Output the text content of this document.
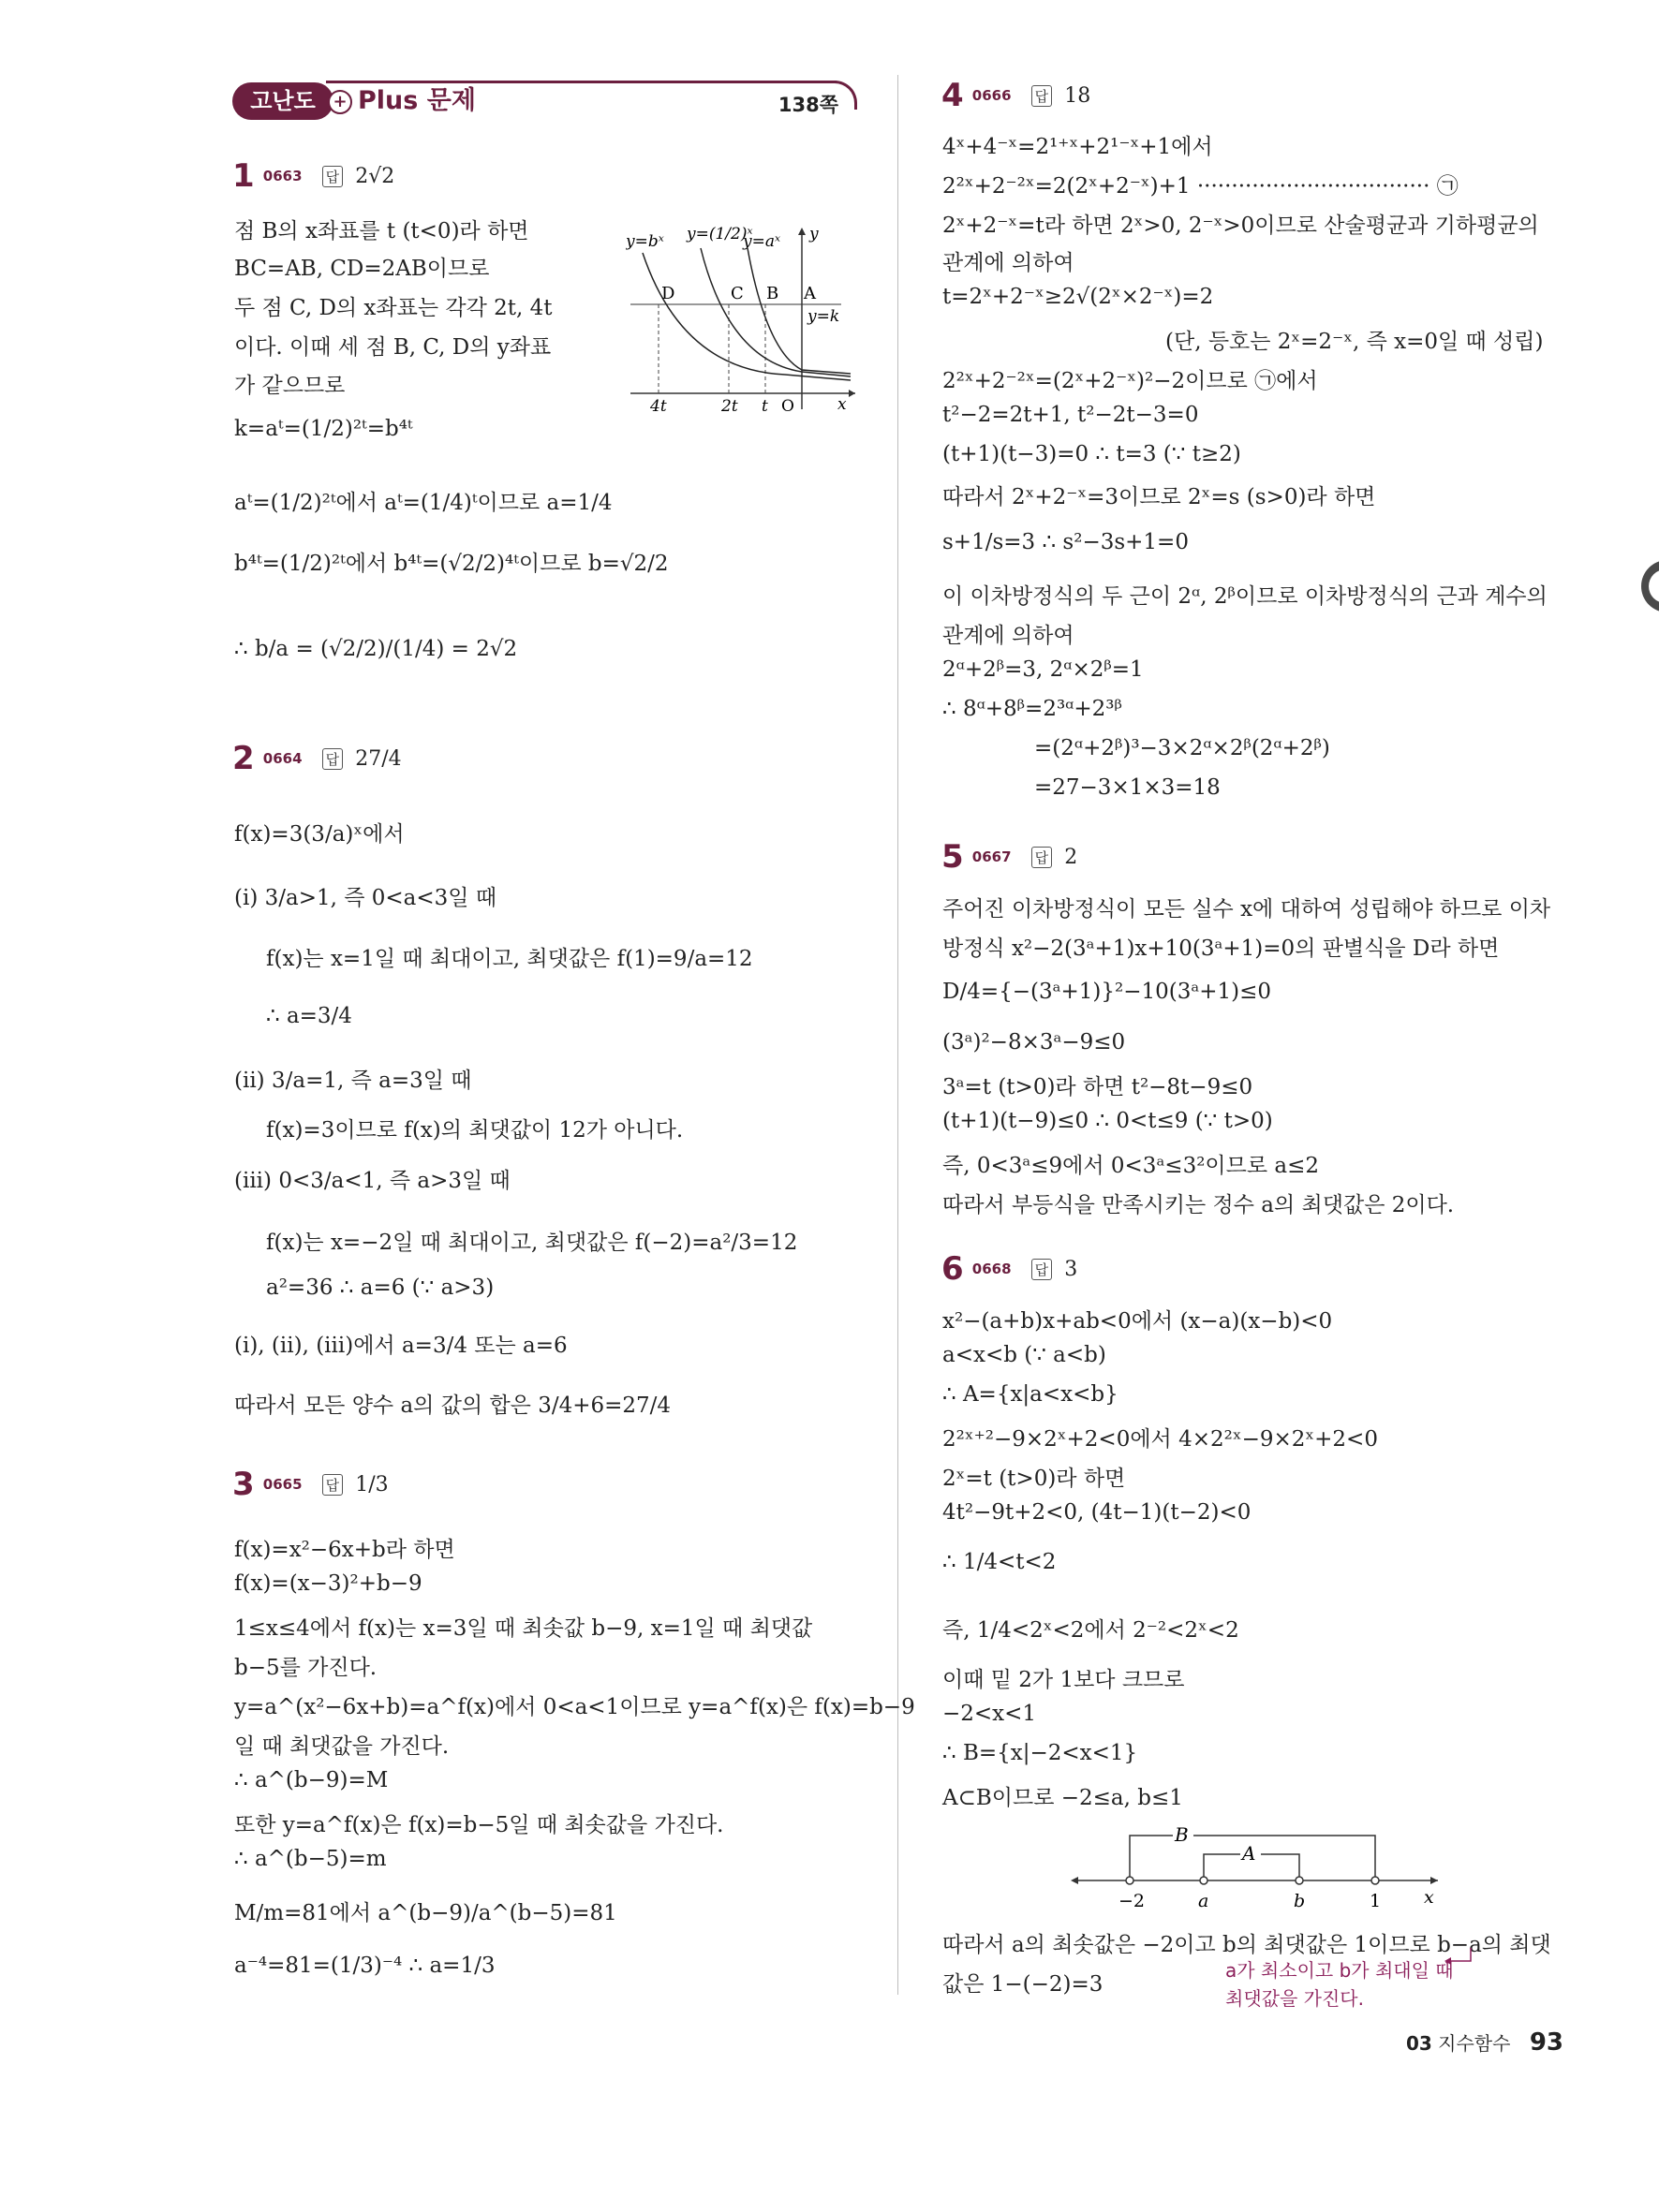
고난도	+ Plus 문제	138쪽
1 0663 답 2√2
점 B의 x좌표를 t (t<0)라 하면
BC=AB, CD=2AB이므로
두 점 C, D의 x좌표는 각각 2t, 4t
이다. 이때 세 점 B, C, D의 y좌표
가 같으므로
k=aᵗ=(1/2)²ᵗ=b⁴ᵗ
aᵗ=(1/2)²ᵗ에서 aᵗ=(1/4)ᵗ이므로 a=1/4
b⁴ᵗ=(1/2)²ᵗ에서 b⁴ᵗ=(√2/2)⁴ᵗ이므로 b=√2/2
∴ b/a = (√2/2)/(1/4) = 2√2
y=bˣ y=(1/2)ˣ
y=aˣ y
y=k
D	C B A
4t	2t t O	x
2 0664 답 27/4
f(x)=3(3/a)ˣ에서
(i) 3/a>1, 즉 0<a<3일 때
f(x)는 x=1일 때 최대이고, 최댓값은 f(1)=9/a=12
∴ a=3/4
(ii) 3/a=1, 즉 a=3일 때
f(x)=3이므로 f(x)의 최댓값이 12가 아니다.
(iii) 0<3/a<1, 즉 a>3일 때
f(x)는 x=−2일 때 최대이고, 최댓값은 f(−2)=a²/3=12
a²=36 ∴ a=6 (∵ a>3)
(i), (ii), (iii)에서 a=3/4 또는 a=6
따라서 모든 양수 a의 값의 합은 3/4+6=27/4
3 0665 답 1/3
f(x)=x²−6x+b라 하면
f(x)=(x−3)²+b−9
1≤x≤4에서 f(x)는 x=3일 때 최솟값 b−9, x=1일 때 최댓값
b−5를 가진다.
y=a^(x²−6x+b)=a^f(x)에서 0<a<1이므로 y=a^f(x)은 f(x)=b−9
일 때 최댓값을 가진다.
∴ a^(b−9)=M
또한 y=a^f(x)은 f(x)=b−5일 때 최솟값을 가진다.
∴ a^(b−5)=m
M/m=81에서 a^(b−9)/a^(b−5)=81
a⁻⁴=81=(1/3)⁻⁴ ∴ a=1/3
4 0666 답 18
4ˣ+4⁻ˣ=2¹⁺ˣ+2¹⁻ˣ+1에서
2²ˣ+2⁻²ˣ=2(2ˣ+2⁻ˣ)+1 ·································· ㉠
2ˣ+2⁻ˣ=t라 하면 2ˣ>0, 2⁻ˣ>0이므로 산술평균과 기하평균의
관계에 의하여
t=2ˣ+2⁻ˣ≥2√(2ˣ×2⁻ˣ)=2
(단, 등호는 2ˣ=2⁻ˣ, 즉 x=0일 때 성립)
2²ˣ+2⁻²ˣ=(2ˣ+2⁻ˣ)²−2이므로 ㉠에서
t²−2=2t+1, t²−2t−3=0
(t+1)(t−3)=0 ∴ t=3 (∵ t≥2)
따라서 2ˣ+2⁻ˣ=3이므로 2ˣ=s (s>0)라 하면
s+1/s=3 ∴ s²−3s+1=0
이 이차방정식의 두 근이 2ᵅ, 2ᵝ이므로 이차방정식의 근과 계수의
관계에 의하여
2ᵅ+2ᵝ=3, 2ᵅ×2ᵝ=1
∴ 8ᵅ+8ᵝ=2³ᵅ+2³ᵝ
=(2ᵅ+2ᵝ)³−3×2ᵅ×2ᵝ(2ᵅ+2ᵝ)
=27−3×1×3=18
5 0667 답 2
주어진 이차방정식이 모든 실수 x에 대하여 성립해야 하므로 이차
방정식 x²−2(3ᵃ+1)x+10(3ᵃ+1)=0의 판별식을 D라 하면
D/4={−(3ᵃ+1)}²−10(3ᵃ+1)≤0
(3ᵃ)²−8×3ᵃ−9≤0
3ᵃ=t (t>0)라 하면 t²−8t−9≤0
(t+1)(t−9)≤0 ∴ 0<t≤9 (∵ t>0)
즉, 0<3ᵃ≤9에서 0<3ᵃ≤3²이므로 a≤2
따라서 부등식을 만족시키는 정수 a의 최댓값은 2이다.
6 0668 답 3
x²−(a+b)x+ab<0에서 (x−a)(x−b)<0
a<x<b (∵ a<b)
∴ A={x|a<x<b}
2²ˣ⁺²−9×2ˣ+2<0에서 4×2²ˣ−9×2ˣ+2<0
2ˣ=t (t>0)라 하면
4t²−9t+2<0, (4t−1)(t−2)<0
∴ 1/4<t<2
즉, 1/4<2ˣ<2에서 2⁻²<2ˣ<2
이때 밑 2가 1보다 크므로
−2<x<1
∴ B={x|−2<x<1}
A⊂B이므로 −2≤a, b≤1
B
A
−2	a	b	1 x
따라서 a의 최솟값은 −2이고 b의 최댓값은 1이므로 b−a의 최댓
값은 1−(−2)=3
a가 최소이고 b가 최대일 때
최댓값을 가진다.
03 지수함수 93
